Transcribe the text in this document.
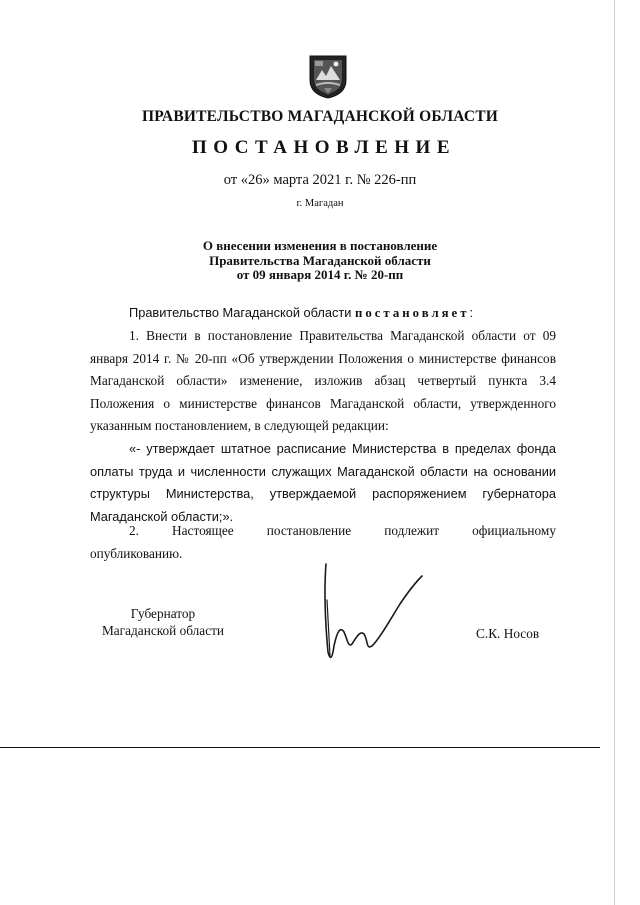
ПРАВИТЕЛЬСТВО МАГАДАНСКОЙ ОБЛАСТИ
ПОСТАНОВЛЕНИЕ
от «26» марта 2021 г. № 226-пп
г. Магадан
О внесении изменения в постановление
Правительства Магаданской области
от 09 января 2014 г. № 20-пп
Правительство Магаданской области постановляет:
1. Внести в постановление Правительства Магаданской области от 09 января 2014 г. № 20-пп «Об утверждении Положения о министерстве финансов Магаданской области» изменение, изложив абзац четвертый пункта 3.4 Положения о министерстве финансов Магаданской области, утвержденного указанным постановлением, в следующей редакции:
«- утверждает штатное расписание Министерства в пределах фонда оплаты труда и численности служащих Магаданской области на основании структуры Министерства, утверждаемой распоряжением губернатора Магаданской области;».
2. Настоящее постановление подлежит официальному
опубликованию.
Губернатор
Магаданской области	С.К. Носов
